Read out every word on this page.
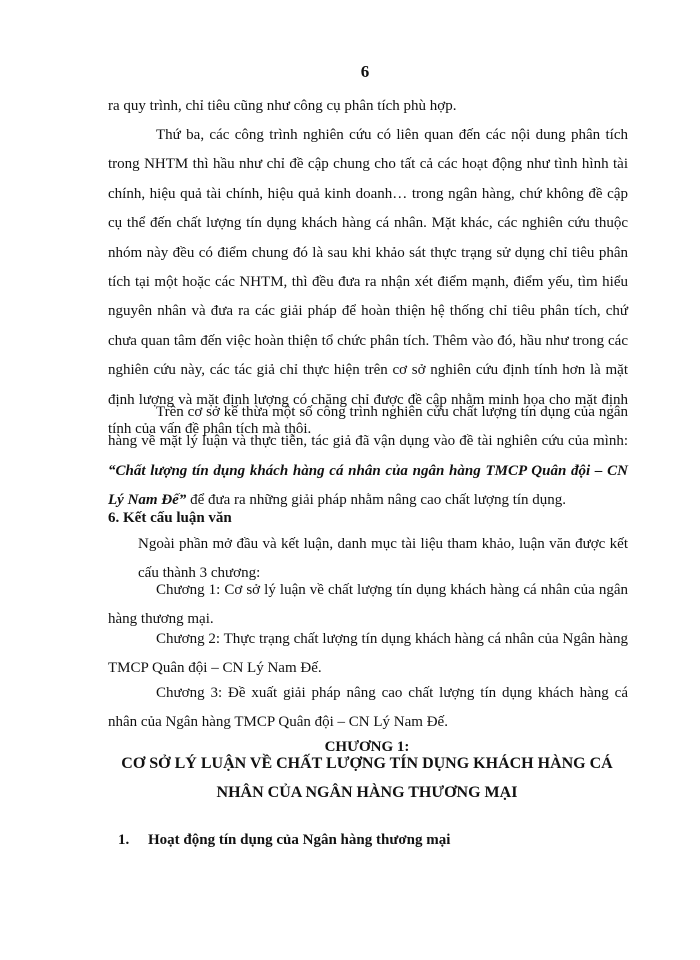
6

ra quy trình, chỉ tiêu cũng như công cụ phân tích phù hợp.

Thứ ba, các công trình nghiên cứu có liên quan đến các nội dung phân tích trong NHTM thì hầu như chỉ đề cập chung cho tất cả các hoạt động như tình hình tài chính, hiệu quả tài chính, hiệu quả kinh doanh… trong ngân hàng, chứ không đề cập cụ thể đến chất lượng tín dụng khách hàng cá nhân. Mặt khác, các nghiên cứu thuộc nhóm này đều có điểm chung đó là sau khi khảo sát thực trạng sử dụng chỉ tiêu phân tích tại một hoặc các NHTM, thì đều đưa ra nhận xét điểm mạnh, điểm yếu, tìm hiểu nguyên nhân và đưa ra các giải pháp để hoàn thiện hệ thống chỉ tiêu phân tích, chứ chưa quan tâm đến việc hoàn thiện tổ chức phân tích. Thêm vào đó, hầu như trong các nghiên cứu này, các tác giả chỉ thực hiện trên cơ sở nghiên cứu định tính hơn là mặt định lượng và mặt định lượng có chăng chỉ được đề cập nhằm minh họa cho mặt định tính của vấn đề phân tích mà thôi.

Trên cơ sở kế thừa một số công trình nghiên cứu chất lượng tín dụng của ngân hàng về mặt lý luận và thực tiễn, tác giả đã vận dụng vào đề tài nghiên cứu của mình: “Chất lượng tín dụng khách hàng cá nhân của ngân hàng TMCP Quân đội – CN Lý Nam Đế” để đưa ra những giải pháp nhằm nâng cao chất lượng tín dụng.

6. Kết cấu luận văn

Ngoài phần mở đầu và kết luận, danh mục tài liệu tham khảo, luận văn được kết cấu thành 3 chương:

Chương 1: Cơ sở lý luận về chất lượng tín dụng khách hàng cá nhân của ngân hàng thương mại.

Chương 2: Thực trạng chất lượng tín dụng khách hàng cá nhân của Ngân hàng TMCP Quân đội – CN Lý Nam Đế.

Chương 3: Đề xuất giải pháp nâng cao chất lượng tín dụng khách hàng cá nhân của Ngân hàng TMCP Quân đội – CN Lý Nam Đế.

CHƯƠNG 1:

CƠ SỞ LÝ LUẬN VỀ CHẤT LƯỢNG TÍN DỤNG KHÁCH HÀNG CÁ NHÂN CỦA NGÂN HÀNG THƯƠNG MẠI

1. Hoạt động tín dụng của Ngân hàng thương mại
